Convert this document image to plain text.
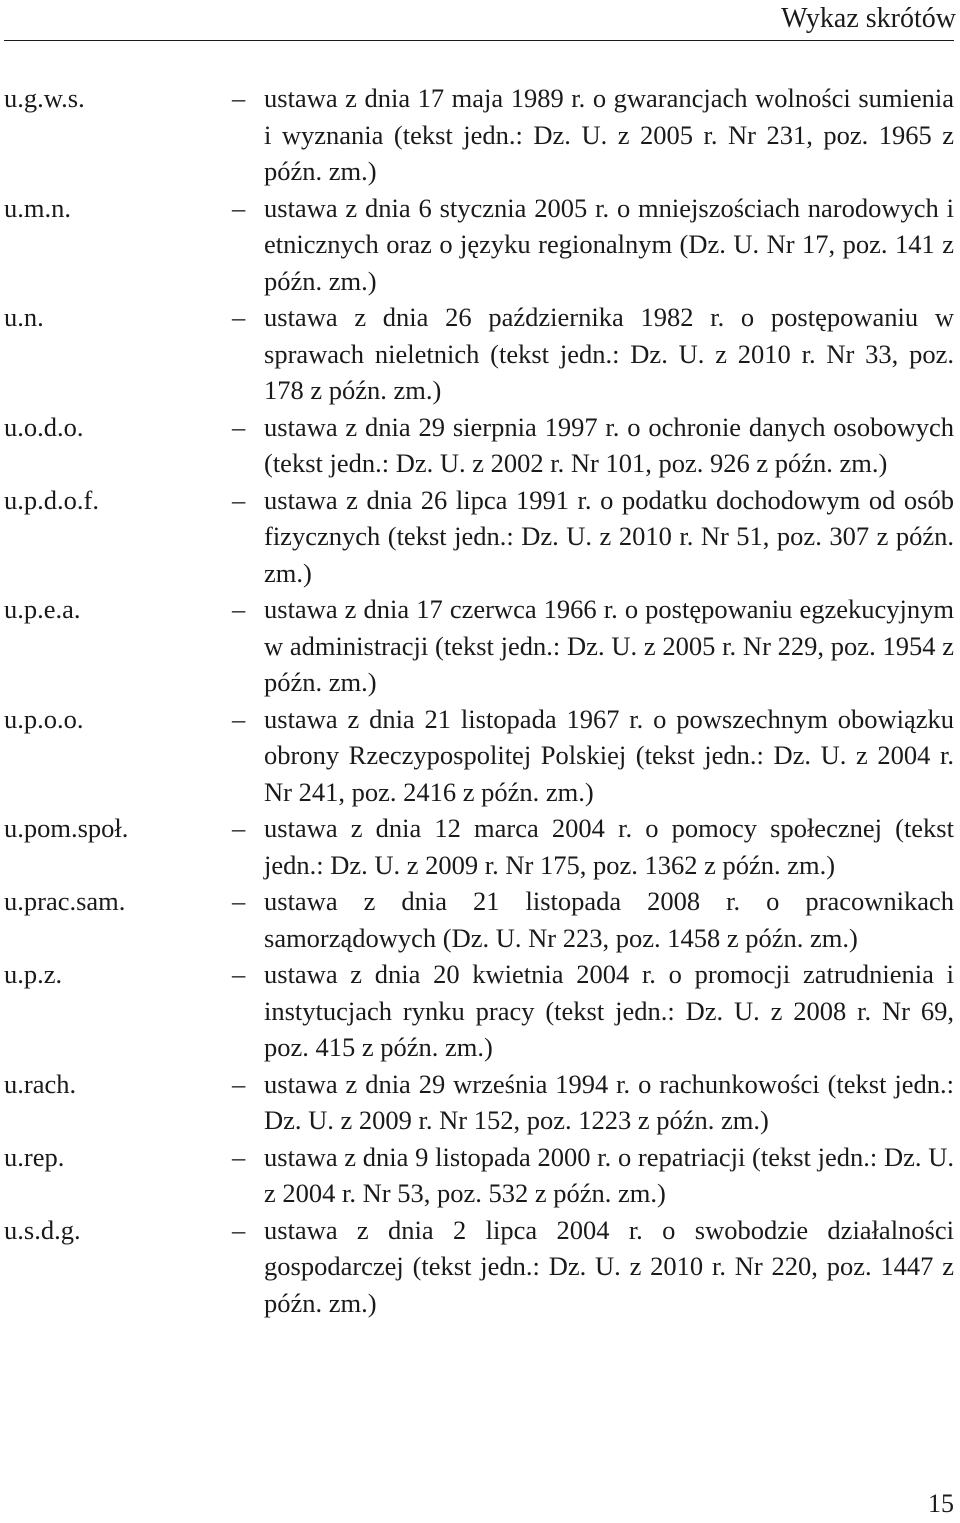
Wykaz skrótów
u.g.w.s.	– ustawa z dnia 17 maja 1989 r. o gwarancjach wolności sumienia i wyznania (tekst jedn.: Dz. U. z 2005 r. Nr 231, poz. 1965 z późn. zm.)
u.m.n.	– ustawa z dnia 6 stycznia 2005 r. o mniejszościach narodowych i etnicznych oraz o języku regionalnym (Dz. U. Nr 17, poz. 141 z późn. zm.)
u.n.	– ustawa z dnia 26 października 1982 r. o postępowaniu w sprawach nieletnich (tekst jedn.: Dz. U. z 2010 r. Nr 33, poz. 178 z późn. zm.)
u.o.d.o.	– ustawa z dnia 29 sierpnia 1997 r. o ochronie danych osobowych (tekst jedn.: Dz. U. z 2002 r. Nr 101, poz. 926 z późn. zm.)
u.p.d.o.f.	– ustawa z dnia 26 lipca 1991 r. o podatku dochodowym od osób fizycznych (tekst jedn.: Dz. U. z 2010 r. Nr 51, poz. 307 z późn. zm.)
u.p.e.a.	– ustawa z dnia 17 czerwca 1966 r. o postępowaniu egzekucyjnym w administracji (tekst jedn.: Dz. U. z 2005 r. Nr 229, poz. 1954 z późn. zm.)
u.p.o.o.	– ustawa z dnia 21 listopada 1967 r. o powszechnym obowiązku obrony Rzeczypospolitej Polskiej (tekst jedn.: Dz. U. z 2004 r. Nr 241, poz. 2416 z późn. zm.)
u.pom.społ.	– ustawa z dnia 12 marca 2004 r. o pomocy społecznej (tekst jedn.: Dz. U. z 2009 r. Nr 175, poz. 1362 z późn. zm.)
u.prac.sam.	– ustawa z dnia 21 listopada 2008 r. o pracownikach samorządowych (Dz. U. Nr 223, poz. 1458 z późn. zm.)
u.p.z.	– ustawa z dnia 20 kwietnia 2004 r. o promocji zatrudnienia i instytucjach rynku pracy (tekst jedn.: Dz. U. z 2008 r. Nr 69, poz. 415 z późn. zm.)
u.rach.	– ustawa z dnia 29 września 1994 r. o rachunkowości (tekst jedn.: Dz. U. z 2009 r. Nr 152, poz. 1223 z późn. zm.)
u.rep.	– ustawa z dnia 9 listopada 2000 r. o repatriacji (tekst jedn.: Dz. U. z 2004 r. Nr 53, poz. 532 z późn. zm.)
u.s.d.g.	– ustawa z dnia 2 lipca 2004 r. o swobodzie działalności gospodarczej (tekst jedn.: Dz. U. z 2010 r. Nr 220, poz. 1447 z późn. zm.)
15
